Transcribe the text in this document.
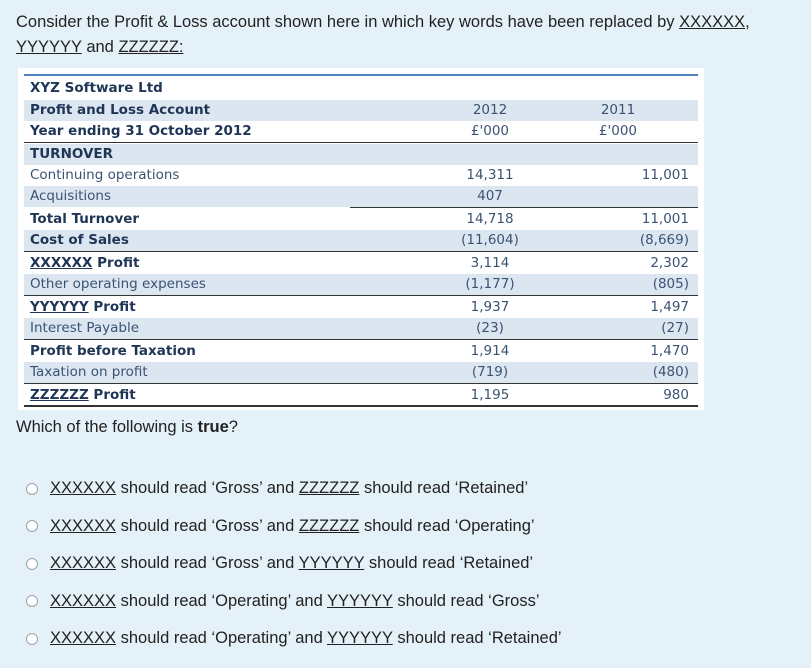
Consider the Profit & Loss account shown here in which key words have been replaced by XXXXXX,
YYYYYY and ZZZZZZ:
XYZ Software Ltd
Profit and Loss Account	2012	2011
Year ending 31 October 2012	£'000	£'000
TURNOVER
Continuing operations	14,311	11,001
Acquisitions	407
Total Turnover	14,718	11,001
Cost of Sales	(11,604)	(8,669)
XXXXXX Profit	3,114	2,302
Other operating expenses	(1,177)	(805)
YYYYYY Profit	1,937	1,497
Interest Payable	(23)	(27)
Profit before Taxation	1,914	1,470
Taxation on profit	(719)	(480)
ZZZZZZ Profit	1,195	980
Which of the following is true?
XXXXXX should read ‘Gross’ and ZZZZZZ should read ‘Retained’
XXXXXX should read ‘Gross’ and ZZZZZZ should read ‘Operating’
XXXXXX should read ‘Gross’ and YYYYYY should read ‘Retained’
XXXXXX should read ‘Operating’ and YYYYYY should read ‘Gross’
XXXXXX should read ‘Operating’ and YYYYYY should read ‘Retained’
